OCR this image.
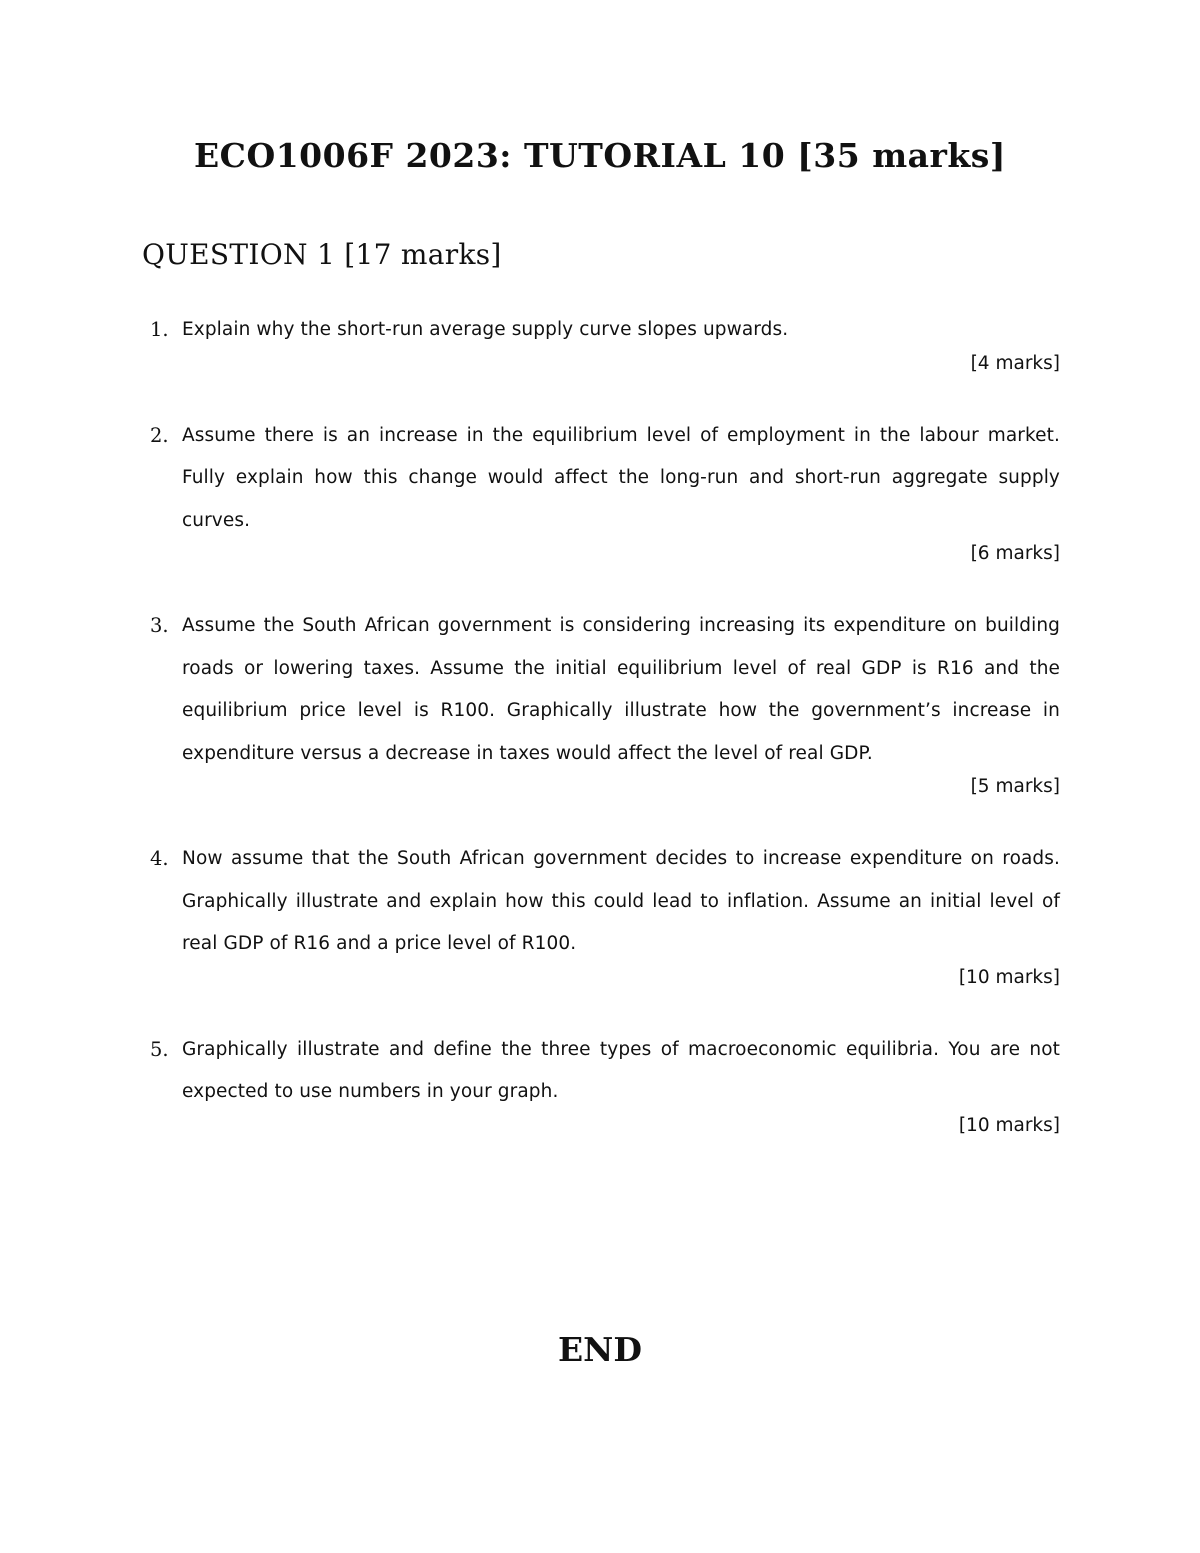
ECO1006F 2023: TUTORIAL 10 [35 marks]
QUESTION 1 [17 marks]
1. Explain why the short-run average supply curve slopes upwards.

[4 marks]

2. Assume there is an increase in the equilibrium level of employment in the labour market. Fully explain how this change would affect the long-run and short-run aggregate supply curves.

[6 marks]

3. Assume the South African government is considering increasing its expenditure on building roads or lowering taxes. Assume the initial equilibrium level of real GDP is R16 and the equilibrium price level is R100. Graphically illustrate how the government’s increase in expenditure versus a decrease in taxes would affect the level of real GDP.

[5 marks]

4. Now assume that the South African government decides to increase expenditure on roads. Graphically illustrate and explain how this could lead to inflation. Assume an initial level of real GDP of R16 and a price level of R100.

[10 marks]

5. Graphically illustrate and define the three types of macroeconomic equilibria. You are not expected to use numbers in your graph.

[10 marks]

END
